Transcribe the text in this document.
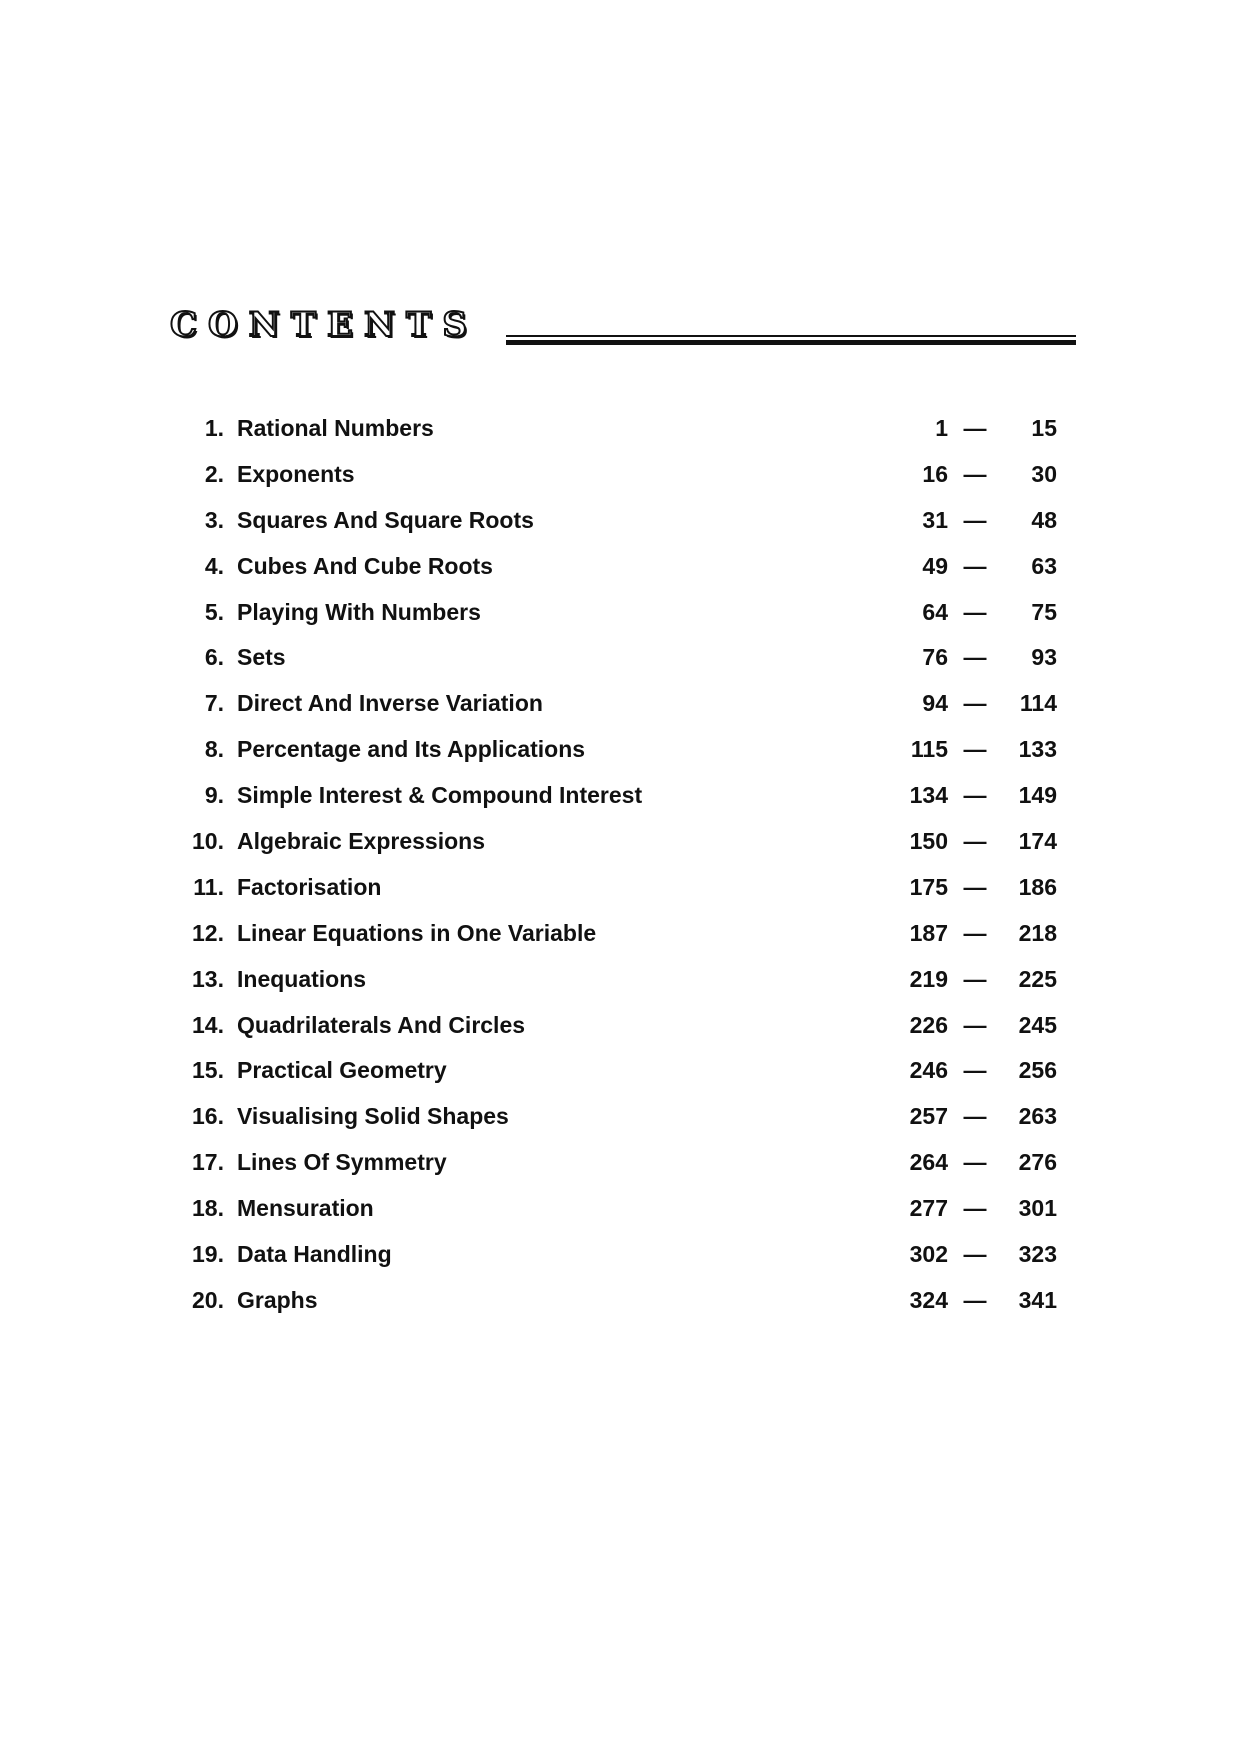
CONTENTS
1. Rational Numbers	1 —	15
2. Exponents	16 —	30
3. Squares And Square Roots	31 —	48
4. Cubes And Cube Roots	49 —	63
5. Playing With Numbers	64 —	75
6. Sets	76 —	93
7. Direct And Inverse Variation	94 —	114
8. Percentage and Its Applications	115 —	133
9. Simple Interest & Compound Interest	134 —	149
10. Algebraic Expressions	150 —	174
11. Factorisation	175 —	186
12. Linear Equations in One Variable	187 —	218
13. Inequations	219 —	225
14. Quadrilaterals And Circles	226 —	245
15. Practical Geometry	246 —	256
16. Visualising Solid Shapes	257 —	263
17. Lines Of Symmetry	264 —	276
18. Mensuration	277 —	301
19. Data Handling	302 —	323
20. Graphs	324 —	341
